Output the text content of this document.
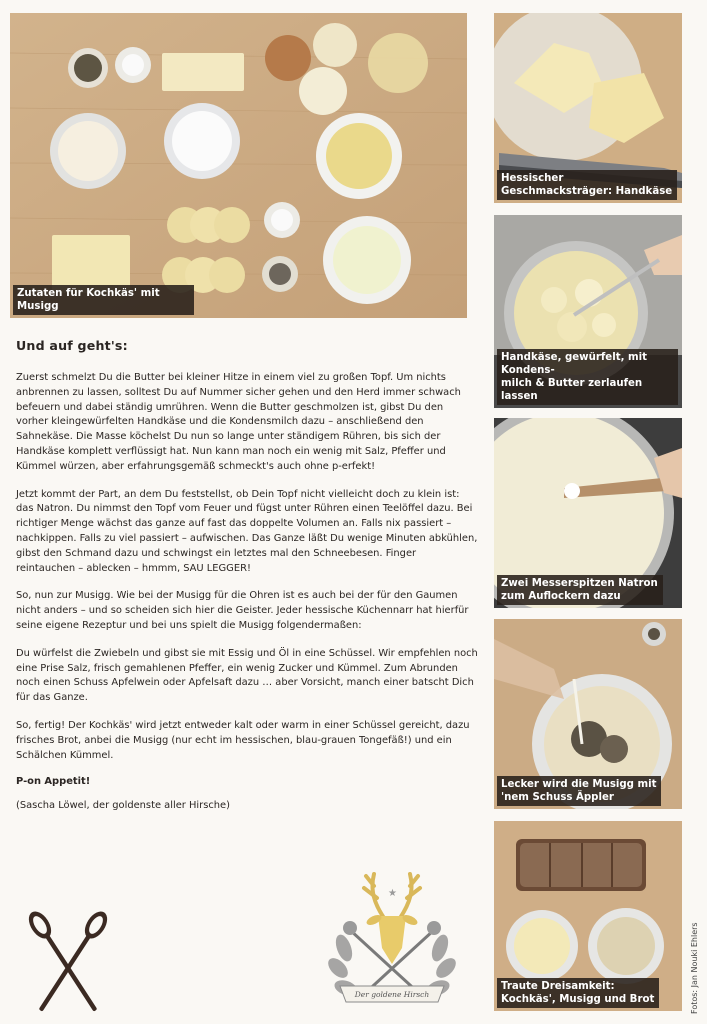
Zutaten für Kochkäs' mit Musigg
Hessischer
Geschmacksträger: Handkäse
Handkäse, gewürfelt, mit Kondens-
milch & Butter zerlaufen lassen
Zwei Messerspitzen Natron
zum Auflockern dazu
Lecker wird die Musigg mit
'nem Schuss Äppler
Traute Dreisamkeit:
Kochkäs', Musigg und Brot
Und auf geht's:

Zuerst schmelzt Du die Butter bei kleiner Hitze in einem viel zu großen Topf. Um nichts anbrennen zu lassen, solltest Du auf Nummer sicher gehen und den Herd immer schwach befeuern und dabei ständig umrühren. Wenn die Butter geschmolzen ist, gibst Du den vorher kleingewürfelten Handkäse und die Kondensmilch dazu – anschließend den Sahnekäse. Die Masse köchelst Du nun so lange unter ständigem Rühren, bis sich der Handkäse komplett verflüssigt hat. Nun kann man noch ein wenig mit Salz, Pfeffer und Kümmel würzen, aber erfahrungsgemäß schmeckt's auch ohne p-erfekt!

Jetzt kommt der Part, an dem Du feststellst, ob Dein Topf nicht vielleicht doch zu klein ist: das Natron. Du nimmst den Topf vom Feuer und fügst unter Rühren einen Teelöffel dazu. Bei richtiger Menge wächst das ganze auf fast das doppelte Volumen an. Falls nix passiert – nachkippen. Falls zu viel passiert – aufwischen. Das Ganze läßt Du wenige Minuten abkühlen, gibst den Schmand dazu und schwingst ein letztes mal den Schneebesen. Finger reintauchen – ablecken – hmmm, SAU LEGGER!

So, nun zur Musigg. Wie bei der Musigg für die Ohren ist es auch bei der für den Gaumen nicht anders – und so scheiden sich hier die Geister. Jeder hessische Küchennarr hat hierfür seine eigene Rezeptur und bei uns spielt die Musigg folgendermaßen:

Du würfelst die Zwiebeln und gibst sie mit Essig und Öl in eine Schüssel. Wir empfehlen noch eine Prise Salz, frisch gemahlenen Pfeffer, ein wenig Zucker und Kümmel. Zum Abrunden noch einen Schuss Apfelwein oder Apfelsaft dazu … aber Vorsicht, manch einer batscht Dich für das Ganze.

So, fertig! Der Kochkäs' wird jetzt entweder kalt oder warm in einer Schüssel gereicht, dazu frisches Brot, anbei die Musigg (nur echt im hessischen, blau-grauen Tongefäß!) und ein Schälchen Kümmel.

P-on Appetit!

(Sascha Löwel, der goldenste aller Hirsche)

★
Der goldene Hirsch	Fotos: Jan Nouki Ehlers
